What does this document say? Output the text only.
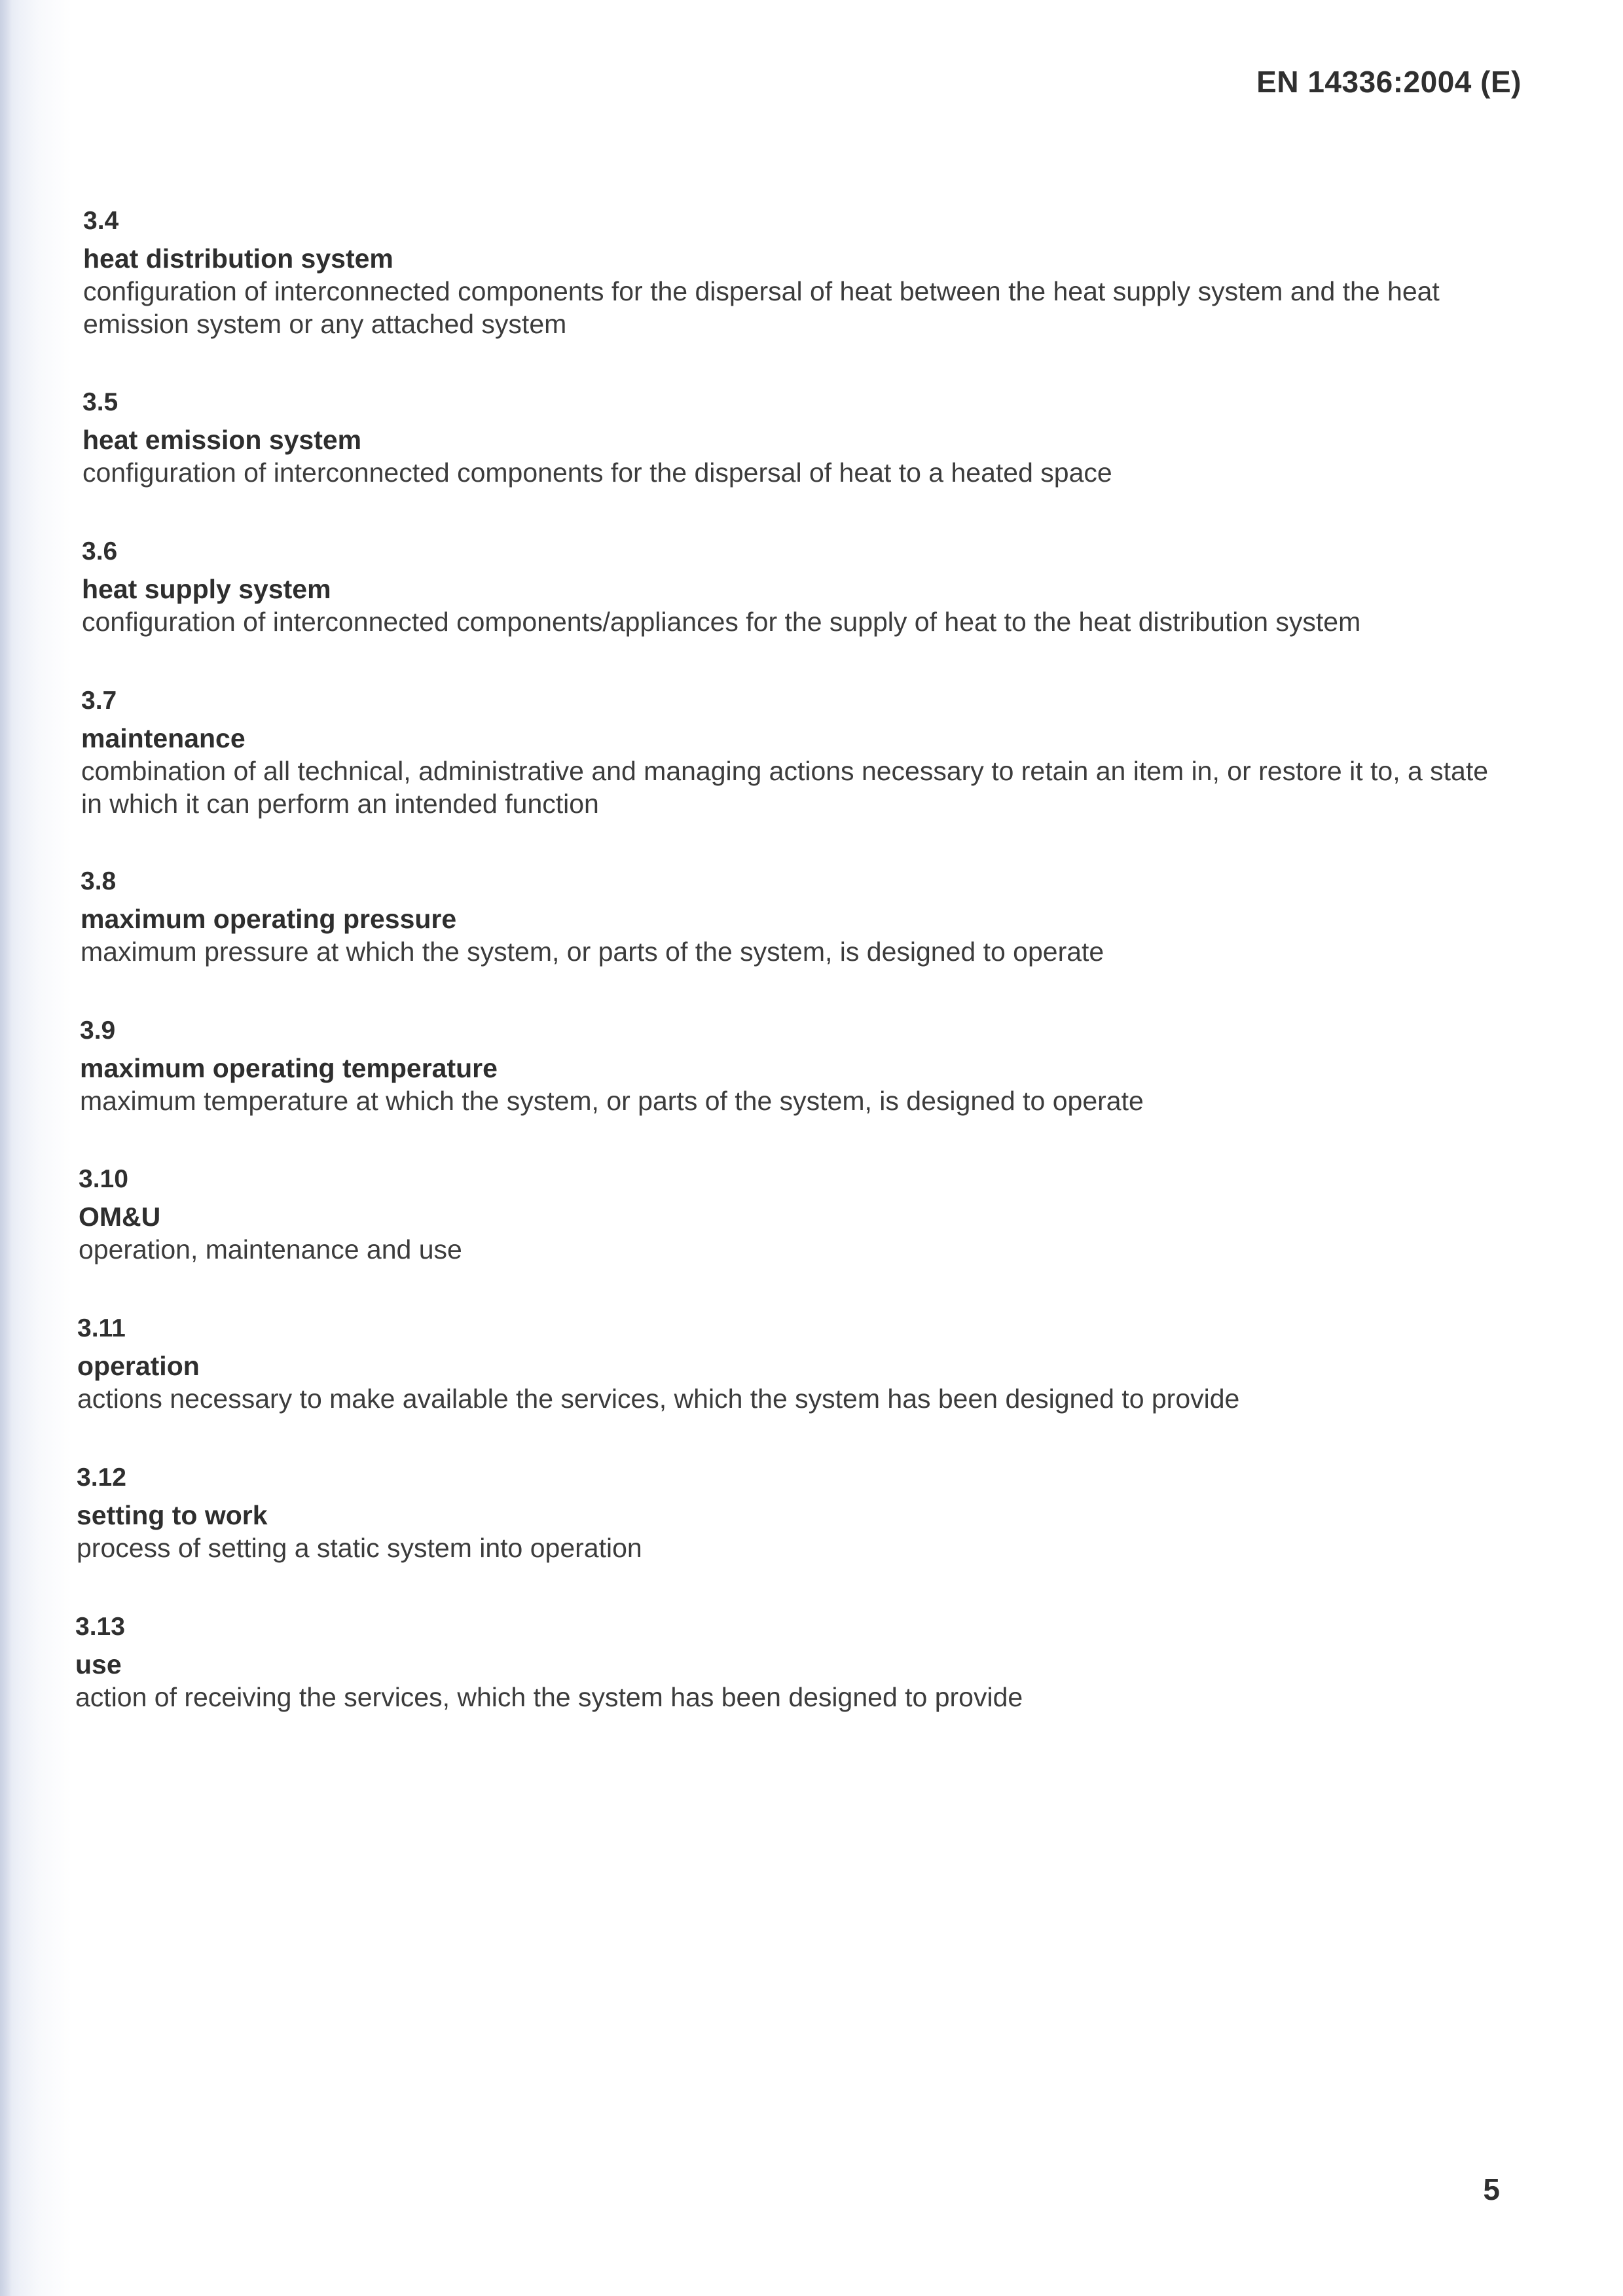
EN 14336:2004 (E)
3.4
heat distribution system
configuration of interconnected components for the dispersal of heat between the heat supply system and the heat emission system or any attached system
3.5
heat emission system
configuration of interconnected components for the dispersal of heat to a heated space
3.6
heat supply system
configuration of interconnected components/appliances for the supply of heat to the heat distribution system
3.7
maintenance
combination of all technical, administrative and managing actions necessary to retain an item in, or restore it to, a state in which it can perform an intended function
3.8
maximum operating pressure
maximum pressure at which the system, or parts of the system, is designed to operate
3.9
maximum operating temperature
maximum temperature at which the system, or parts of the system, is designed to operate
3.10
OM&U
operation, maintenance and use
3.11
operation
actions necessary to make available the services, which the system has been designed to provide
3.12
setting to work
process of setting a static system into operation
3.13
use
action of receiving the services, which the system has been designed to provide
5
